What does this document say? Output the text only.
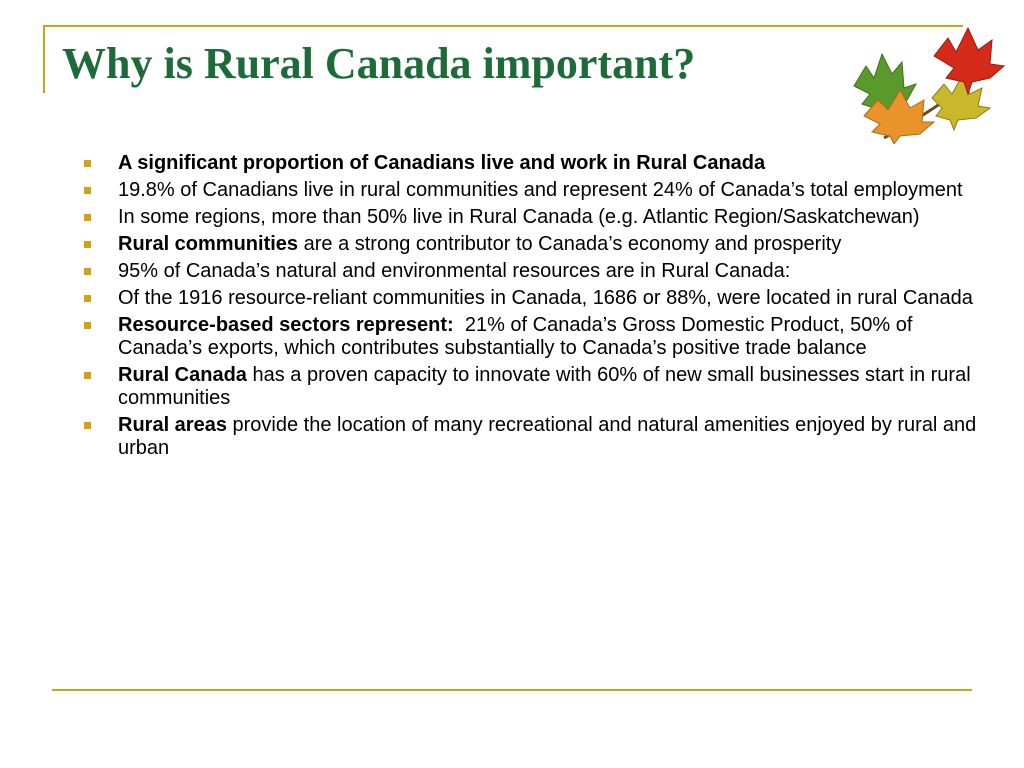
Why is Rural Canada important?
A significant proportion of Canadians live and work in Rural Canada
19.8% of Canadians live in rural communities and represent 24% of Canada’s total employment
In some regions, more than 50% live in Rural Canada (e.g. Atlantic Region/Saskatchewan)
Rural communities are a strong contributor to Canada’s economy and prosperity
95% of Canada’s natural and environmental resources are in Rural Canada:
Of the 1916 resource-reliant communities in Canada, 1686 or 88%, were located in rural Canada
Resource-based sectors represent:  21% of Canada’s Gross Domestic Product, 50% of Canada’s exports, which contributes substantially to Canada’s positive trade balance
Rural Canada has a proven capacity to innovate with 60% of new small businesses start in rural communities
Rural areas provide the location of many recreational and natural amenities enjoyed by rural and urban
